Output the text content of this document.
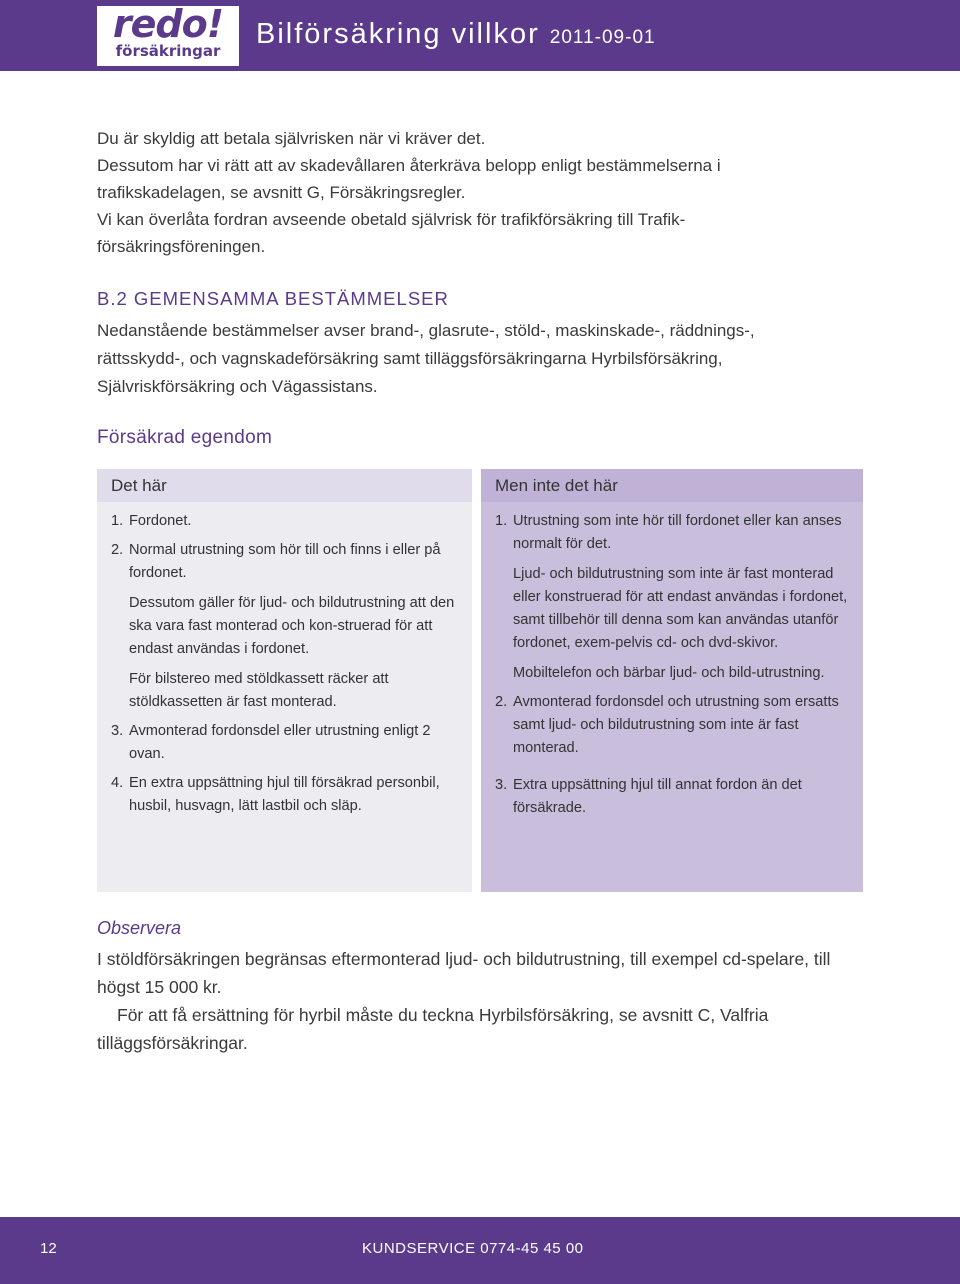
redo!
försäkringar
Bilförsäkring villkor 2011-09-01

Du är skyldig att betala självrisken när vi kräver det.

Dessutom har vi rätt att av skadevållaren återkräva belopp enligt bestämmelserna i trafikskadelagen, se avsnitt G, Försäkringsregler.

Vi kan överlåta fordran avseende obetald självrisk för trafikförsäkring till Trafik-försäkringsföreningen.

B.2 GEMENSAMMA BESTÄMMELSER

Nedanstående bestämmelser avser brand-, glasrute-, stöld-, maskinskade-, räddnings-, rättsskydd-, och vagnskadeförsäkring samt tilläggsförsäkringarna Hyrbilsförsäkring, Självriskförsäkring och Vägassistans.

Försäkrad egendom
Det här
1. Fordonet.
2. Normal utrustning som hör till och finns i eller på fordonet.
Dessutom gäller för ljud- och bildutrustning att den ska vara fast monterad och kon-struerad för att endast användas i fordonet.
För bilstereo med stöldkassett räcker att stöldkassetten är fast monterad.
3. Avmonterad fordonsdel eller utrustning enligt 2 ovan.
4. En extra uppsättning hjul till försäkrad personbil, husbil, husvagn, lätt lastbil och släp.
Men inte det här
1. Utrustning som inte hör till fordonet eller kan anses normalt för det.
Ljud- och bildutrustning som inte är fast monterad eller konstruerad för att endast användas i fordonet, samt tillbehör till denna som kan användas utanför fordonet, exem-pelvis cd- och dvd-skivor.
Mobiltelefon och bärbar ljud- och bild-utrustning.
2. Avmonterad fordonsdel och utrustning som ersatts samt ljud- och bildutrustning som inte är fast monterad.
3. Extra uppsättning hjul till annat fordon än det försäkrade.
Observera

I stöldförsäkringen begränsas eftermonterad ljud- och bildutrustning, till exempel cd-spelare, till högst 15 000 kr.

För att få ersättning för hyrbil måste du teckna Hyrbilsförsäkring, se avsnitt C, Valfria tilläggsförsäkringar.

12	KUNDSERVICE 0774-45 45 00
